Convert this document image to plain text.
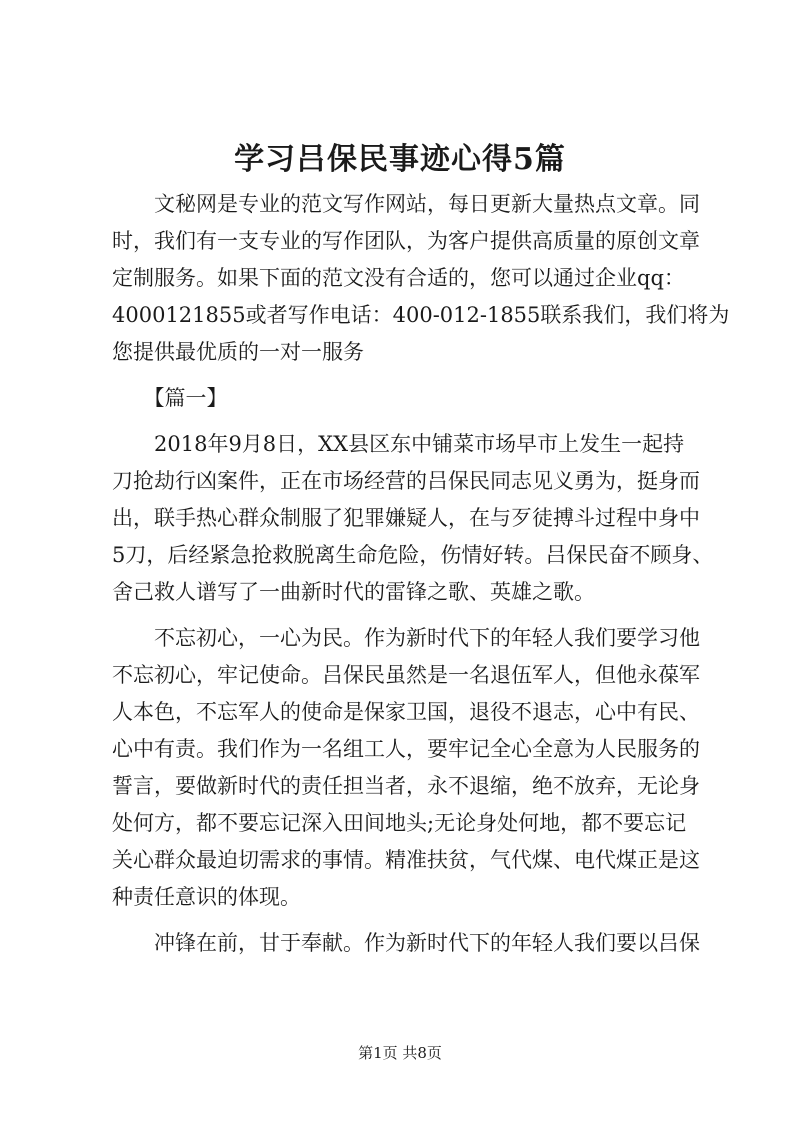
学习吕保民事迹心得5篇
　　文秘网是专业的范文写作网站，每日更新大量热点文章。同
时，我们有一支专业的写作团队，为客户提供高质量的原创文章
定制服务。如果下面的范文没有合适的，您可以通过企业qq：
4000121855或者写作电话：400-012-1855联系我们，我们将为
您提供最优质的一对一服务
　　【篇一】
　　2018年9月8日，XX县区东中铺菜市场早市上发生一起持
刀抢劫行凶案件，正在市场经营的吕保民同志见义勇为，挺身而
出，联手热心群众制服了犯罪嫌疑人，在与歹徒搏斗过程中身中
5刀，后经紧急抢救脱离生命危险，伤情好转。吕保民奋不顾身、
舍己救人谱写了一曲新时代的雷锋之歌、英雄之歌。
　　不忘初心，一心为民。作为新时代下的年轻人我们要学习他
不忘初心，牢记使命。吕保民虽然是一名退伍军人，但他永葆军
人本色，不忘军人的使命是保家卫国，退役不退志，心中有民、
心中有责。我们作为一名组工人，要牢记全心全意为人民服务的
誓言，要做新时代的责任担当者，永不退缩，绝不放弃，无论身
处何方，都不要忘记深入田间地头;无论身处何地，都不要忘记
关心群众最迫切需求的事情。精准扶贫，气代煤、电代煤正是这
种责任意识的体现。
　　冲锋在前，甘于奉献。作为新时代下的年轻人我们要以吕保
第1页 共8页
